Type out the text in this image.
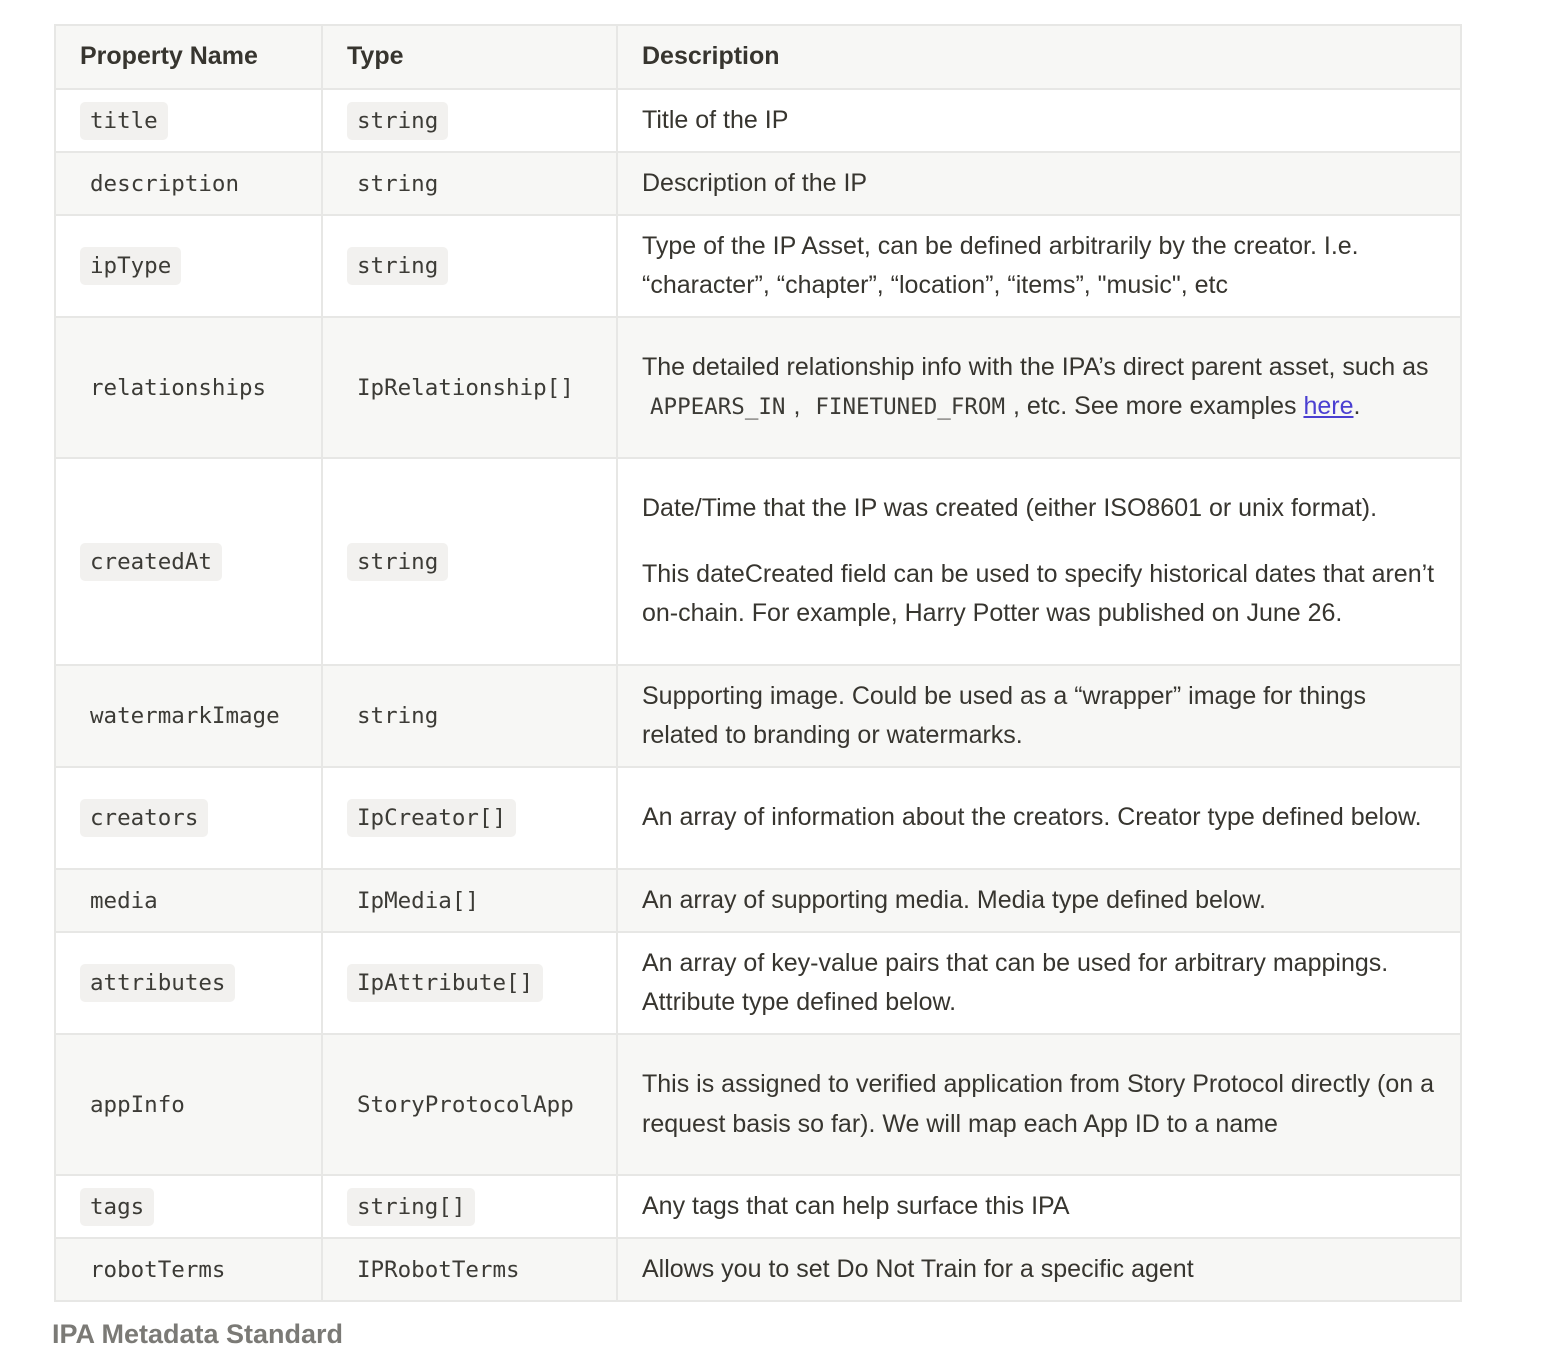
Property Name	Type	Description
title	string	Title of the IP
description	string	Description of the IP
ipType	string	Type of the IP Asset, can be defined arbitrarily by the creator. I.e. “character”, “chapter”, “location”, “items”, "music", etc
relationships	IpRelationship[]	The detailed relationship info with the IPA’s direct parent asset, such as APPEARS_IN , FINETUNED_FROM , etc. See more examples here.
createdAt	string	Date/Time that the IP was created (either ISO8601 or unix format).
This dateCreated field can be used to specify historical dates that aren’t on-chain. For example, Harry Potter was published on June 26.

watermarkImage	string	Supporting image. Could be used as a “wrapper” image for things related to branding or watermarks.
creators	IpCreator[]	An array of information about the creators. Creator type defined below.
media	IpMedia[]	An array of supporting media. Media type defined below.
attributes	IpAttribute[]	An array of key-value pairs that can be used for arbitrary mappings. Attribute type defined below.
appInfo	StoryProtocolApp	This is assigned to verified application from Story Protocol directly (on a request basis so far). We will map each App ID to a name
tags	string[]	Any tags that can help surface this IPA
robotTerms	IPRobotTerms	Allows you to set Do Not Train for a specific agent
IPA Metadata Standard
